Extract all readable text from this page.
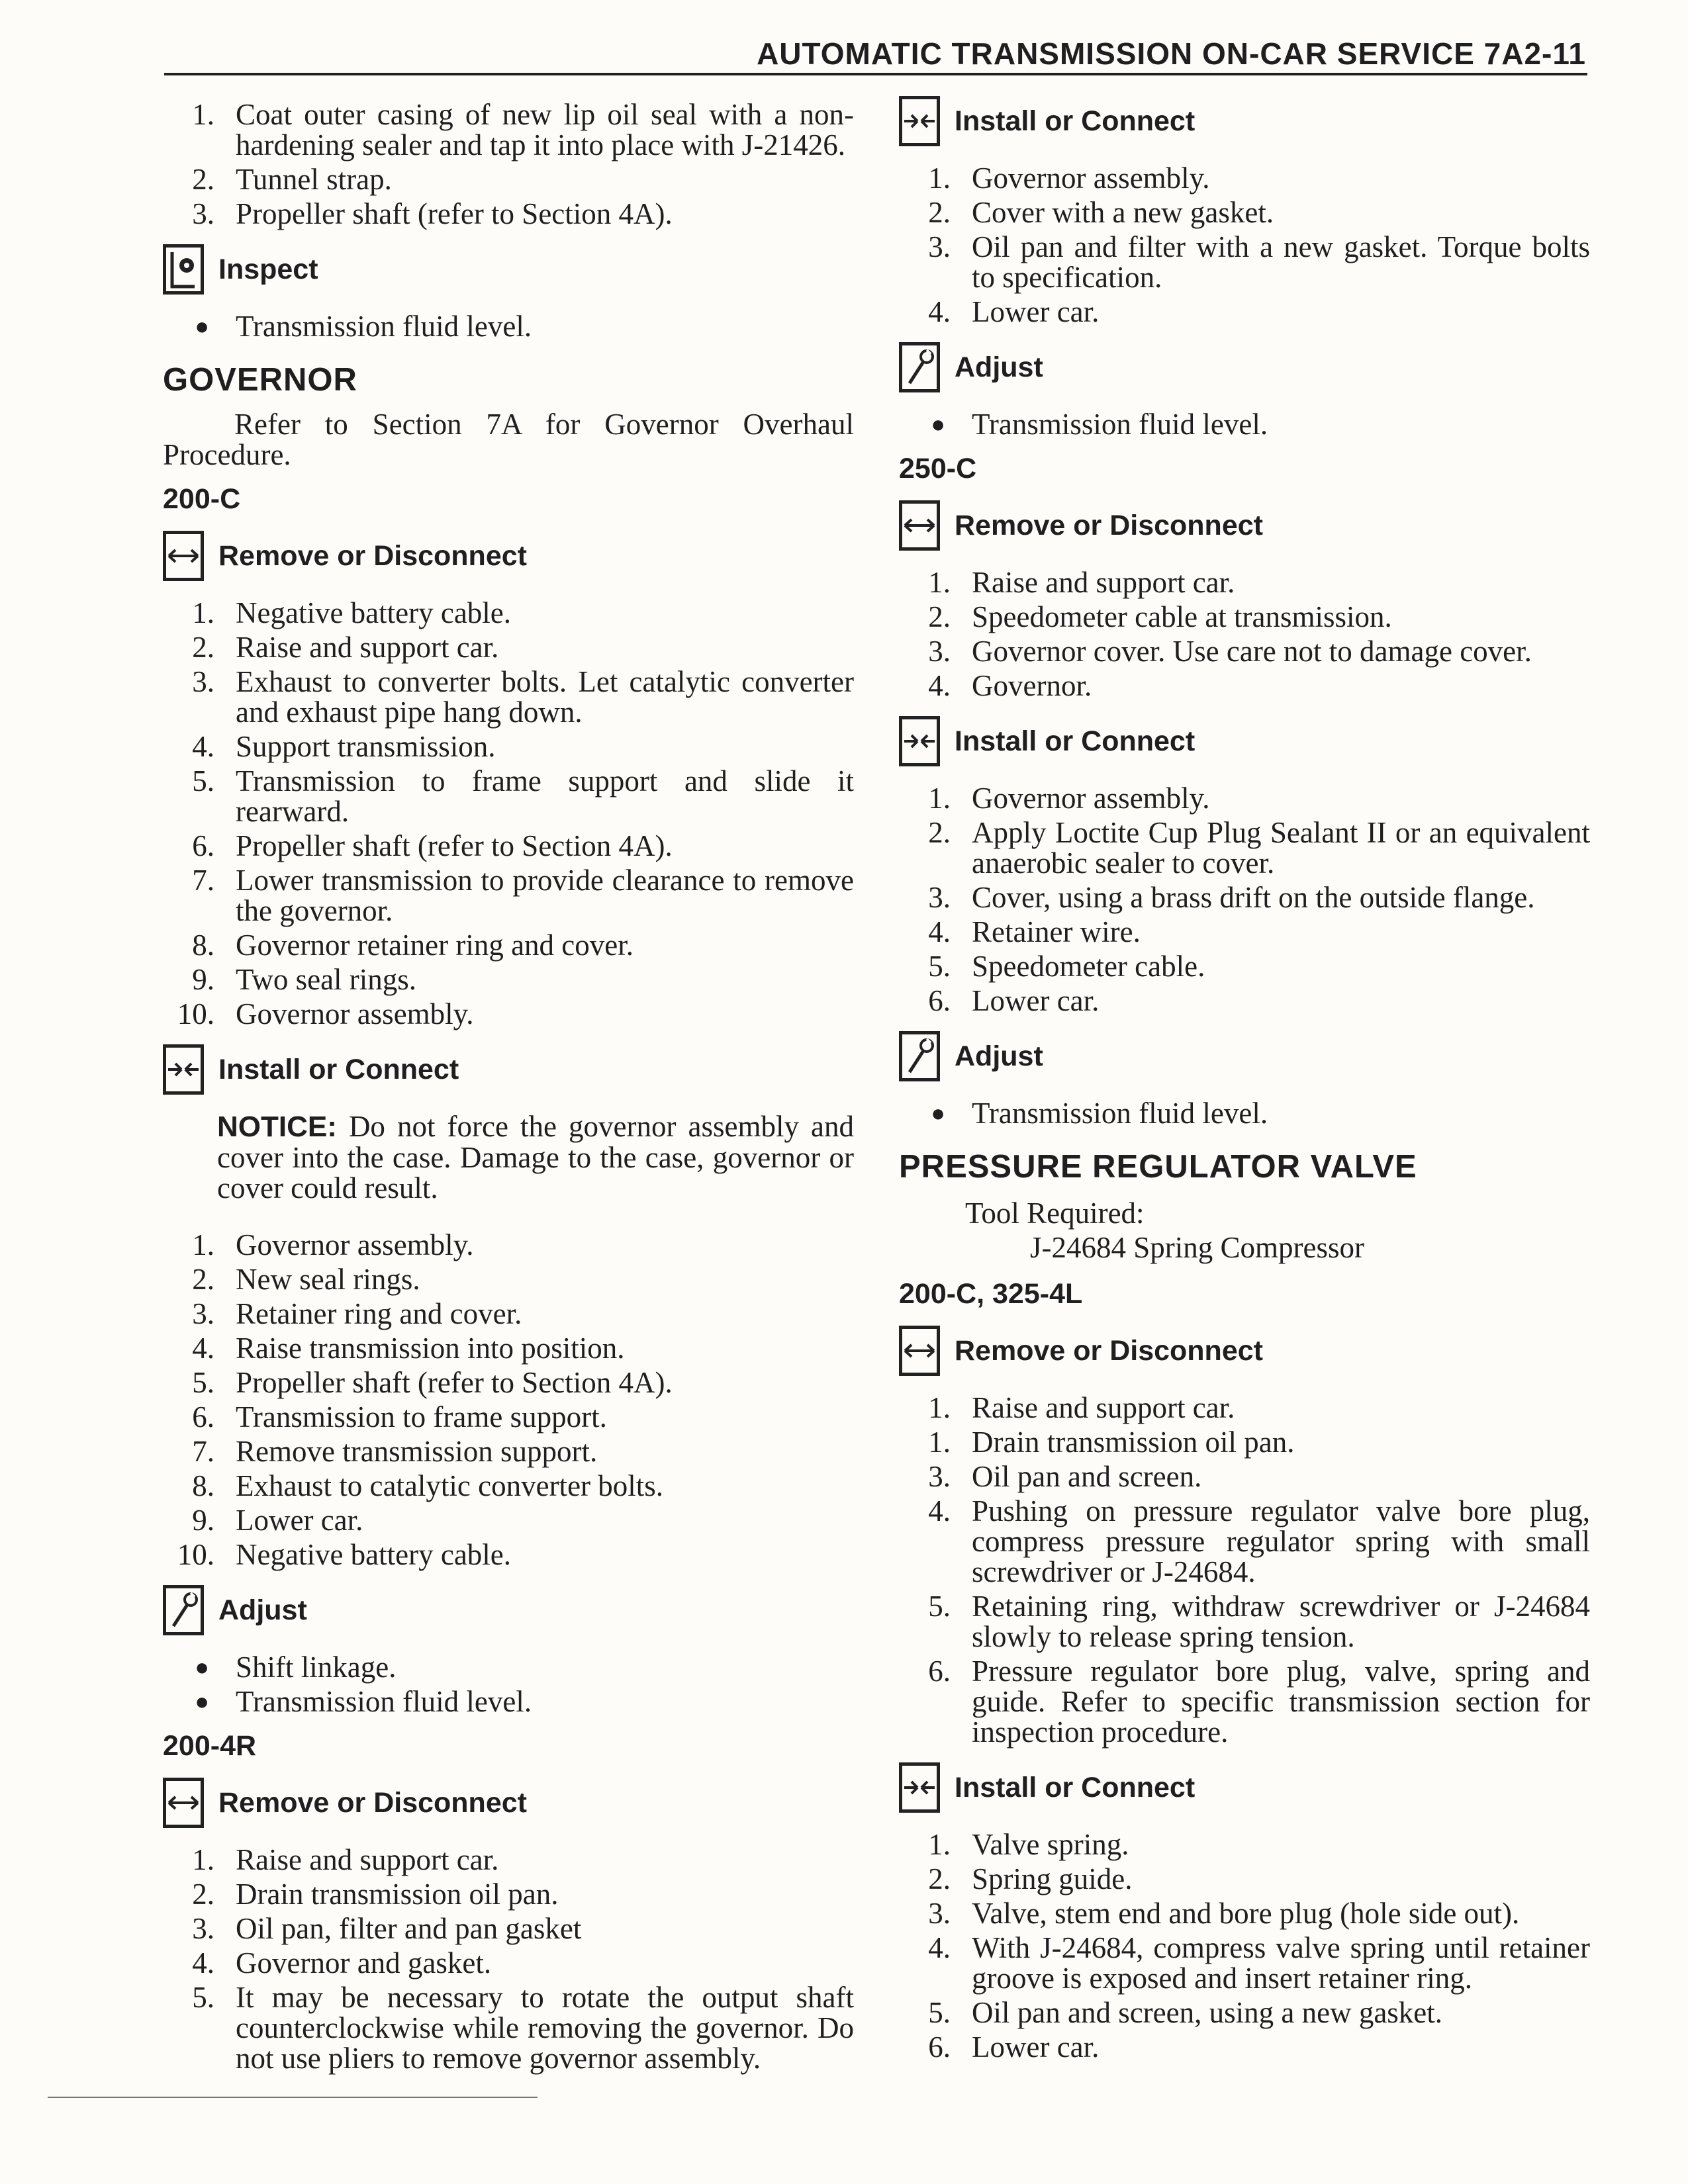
AUTOMATIC TRANSMISSION ON-CAR SERVICE 7A2-11
1. Coat outer casing of new lip oil seal with a non-hardening sealer and tap it into place with J-21426.
2. Tunnel strap.
3. Propeller shaft (refer to Section 4A).
Inspect
● Transmission fluid level.
GOVERNOR
Refer to Section 7A for Governor Overhaul Procedure.
200-C
Remove or Disconnect
1. Negative battery cable.
2. Raise and support car.
3. Exhaust to converter bolts. Let catalytic converter and exhaust pipe hang down.
4. Support transmission.
5. Transmission to frame support and slide it rearward.
6. Propeller shaft (refer to Section 4A).
7. Lower transmission to provide clearance to remove the governor.
8. Governor retainer ring and cover.
9. Two seal rings.
10. Governor assembly.
Install or Connect
NOTICE: Do not force the governor assembly and cover into the case. Damage to the case, governor or cover could result.
1. Governor assembly.
2. New seal rings.
3. Retainer ring and cover.
4. Raise transmission into position.
5. Propeller shaft (refer to Section 4A).
6. Transmission to frame support.
7. Remove transmission support.
8. Exhaust to catalytic converter bolts.
9. Lower car.
10. Negative battery cable.
Adjust
● Shift linkage.
● Transmission fluid level.
200-4R
Remove or Disconnect
1. Raise and support car.
2. Drain transmission oil pan.
3. Oil pan, filter and pan gasket
4. Governor and gasket.
5. It may be necessary to rotate the output shaft counterclockwise while removing the governor. Do not use pliers to remove governor assembly.
Install or Connect
1. Governor assembly.
2. Cover with a new gasket.
3. Oil pan and filter with a new gasket. Torque bolts to specification.
4. Lower car.
Adjust
● Transmission fluid level.
250-C
Remove or Disconnect
1. Raise and support car.
2. Speedometer cable at transmission.
3. Governor cover. Use care not to damage cover.
4. Governor.
Install or Connect
1. Governor assembly.
2. Apply Loctite Cup Plug Sealant II or an equivalent anaerobic sealer to cover.
3. Cover, using a brass drift on the outside flange.
4. Retainer wire.
5. Speedometer cable.
6. Lower car.
Adjust
● Transmission fluid level.
PRESSURE REGULATOR VALVE
Tool Required:
J-24684 Spring Compressor
200-C, 325-4L
Remove or Disconnect
1. Raise and support car.
1. Drain transmission oil pan.
3. Oil pan and screen.
4. Pushing on pressure regulator valve bore plug, compress pressure regulator spring with small screwdriver or J-24684.
5. Retaining ring, withdraw screwdriver or J-24684 slowly to release spring tension.
6. Pressure regulator bore plug, valve, spring and guide. Refer to specific transmission section for inspection procedure.
Install or Connect
1. Valve spring.
2. Spring guide.
3. Valve, stem end and bore plug (hole side out).
4. With J-24684, compress valve spring until retainer groove is exposed and insert retainer ring.
5. Oil pan and screen, using a new gasket.
6. Lower car.
